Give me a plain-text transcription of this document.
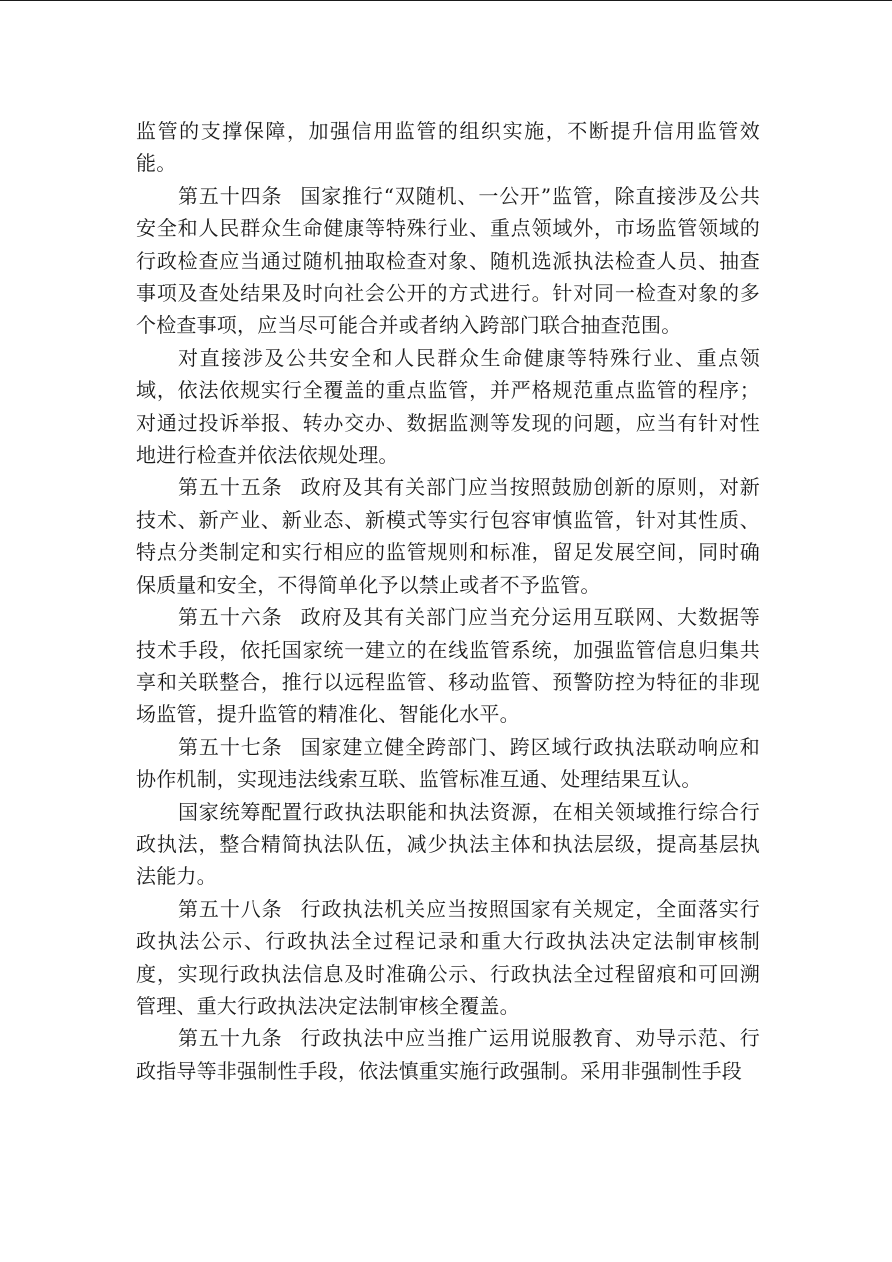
监管的支撑保障，加强信用监管的组织实施，不断提升信用监管效能。

第五十四条 国家推行“双随机、一公开”监管，除直接涉及公共安全和人民群众生命健康等特殊行业、重点领域外，市场监管领域的行政检查应当通过随机抽取检查对象、随机选派执法检查人员、抽查事项及查处结果及时向社会公开的方式进行。针对同一检查对象的多个检查事项，应当尽可能合并或者纳入跨部门联合抽查范围。

对直接涉及公共安全和人民群众生命健康等特殊行业、重点领域，依法依规实行全覆盖的重点监管，并严格规范重点监管的程序；对通过投诉举报、转办交办、数据监测等发现的问题，应当有针对性地进行检查并依法依规处理。

第五十五条 政府及其有关部门应当按照鼓励创新的原则，对新技术、新产业、新业态、新模式等实行包容审慎监管，针对其性质、特点分类制定和实行相应的监管规则和标准，留足发展空间，同时确保质量和安全，不得简单化予以禁止或者不予监管。

第五十六条 政府及其有关部门应当充分运用互联网、大数据等技术手段，依托国家统一建立的在线监管系统，加强监管信息归集共享和关联整合，推行以远程监管、移动监管、预警防控为特征的非现场监管，提升监管的精准化、智能化水平。

第五十七条 国家建立健全跨部门、跨区域行政执法联动响应和协作机制，实现违法线索互联、监管标准互通、处理结果互认。

国家统筹配置行政执法职能和执法资源，在相关领域推行综合行政执法，整合精简执法队伍，减少执法主体和执法层级，提高基层执法能力。

第五十八条 行政执法机关应当按照国家有关规定，全面落实行政执法公示、行政执法全过程记录和重大行政执法决定法制审核制度，实现行政执法信息及时准确公示、行政执法全过程留痕和可回溯管理、重大行政执法决定法制审核全覆盖。

第五十九条 行政执法中应当推广运用说服教育、劝导示范、行政指导等非强制性手段，依法慎重实施行政强制。采用非强制性手段
